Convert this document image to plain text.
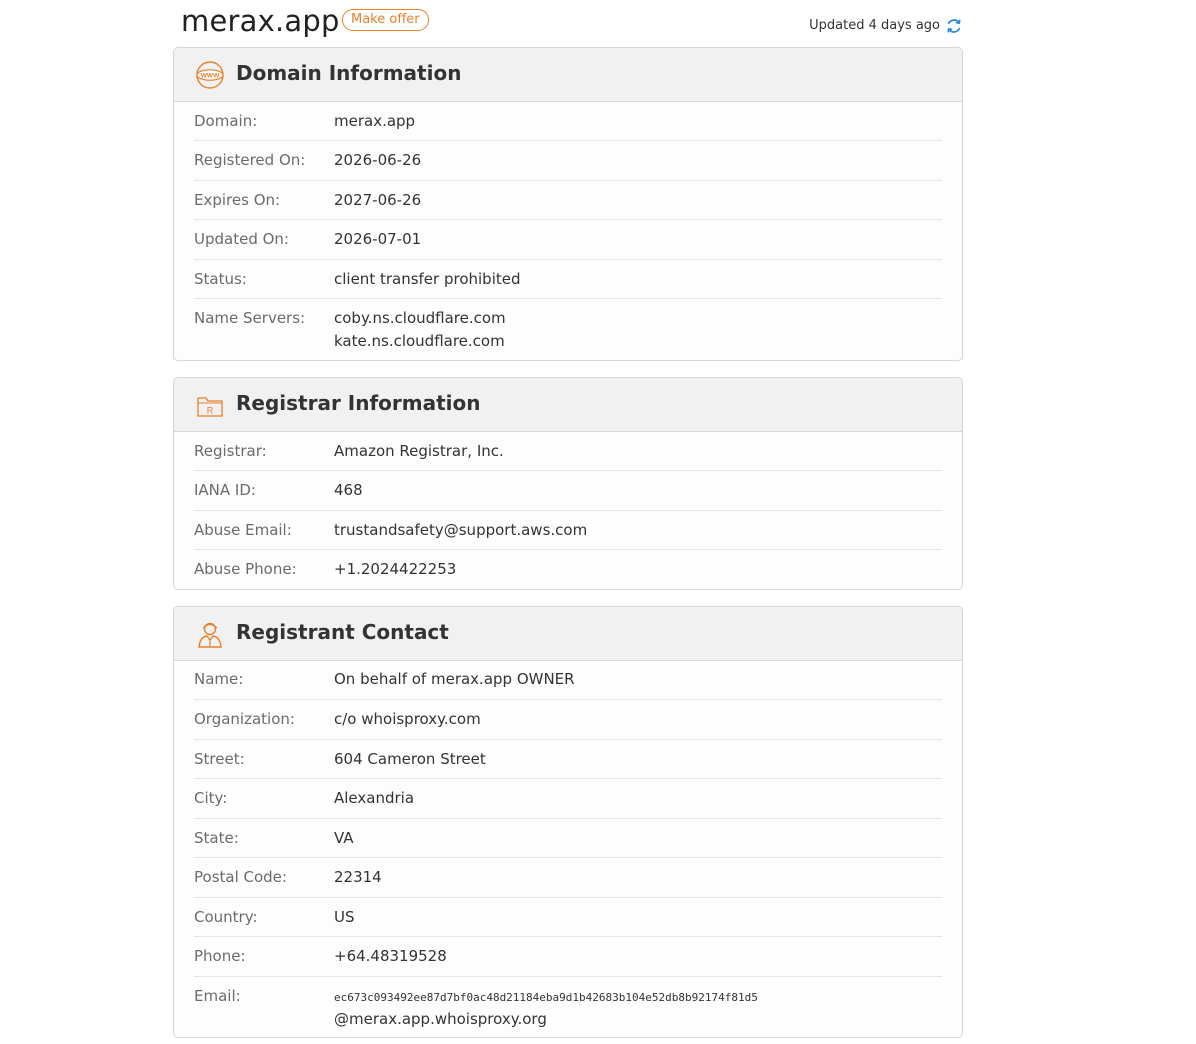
merax.app Make offer	Updated 4 days ago
WWW Domain Information
Domain:	merax.app
Registered On:	2026-06-26
Expires On:	2027-06-26
Updated On:	2026-07-01
Status:	client transfer prohibited
Name Servers:	coby.ns.cloudflare.com
kate.ns.cloudflare.com
R Registrar Information
Registrar:	Amazon Registrar, Inc.
IANA ID:	468
Abuse Email:	trustandsafety@support.aws.com
Abuse Phone:	+1.2024422253
Registrant Contact
Name:	On behalf of merax.app OWNER
Organization:	c/o whoisproxy.com
Street:	604 Cameron Street
City:	Alexandria
State:	VA
Postal Code:	22314
Country:	US
Phone:	+64.48319528
Email:	ec673c093492ee87d7bf0ac48d21184eba9d1b42683b104e52db8b92174f81d5
@merax.app.whoisproxy.org
